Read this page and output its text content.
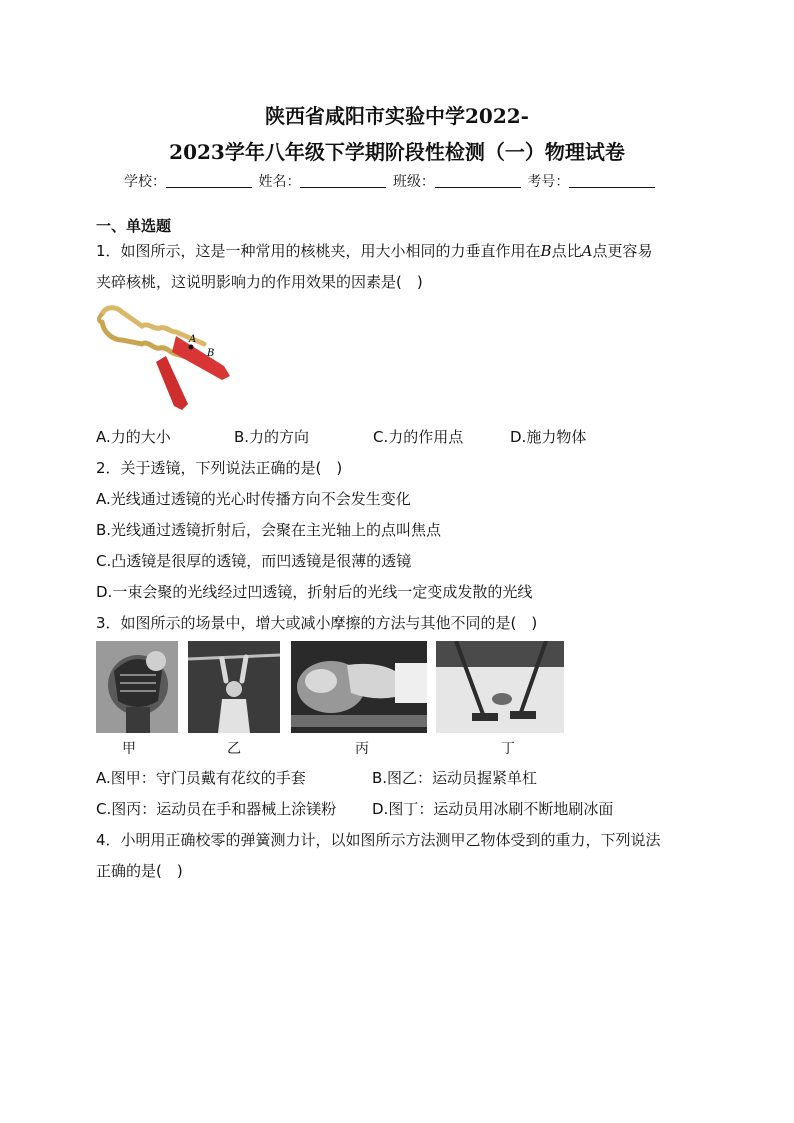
陕西省咸阳市实验中学2022-
2023学年八年级下学期阶段性检测（一）物理试卷
学校：	姓名：	班级：	考号：
一、单选题
1．如图所示，这是一种常用的核桃夹，用大小相同的力垂直作用在B点比A点更容易
夹碎核桃，这说明影响力的作用效果的因素是(　)
A
B
A.力的大小	B.力的方向	C.力的作用点	D.施力物体
2．关于透镜，下列说法正确的是(　)
A.光线通过透镜的光心时传播方向不会发生变化
B.光线通过透镜折射后，会聚在主光轴上的点叫焦点
C.凸透镜是很厚的透镜，而凹透镜是很薄的透镜
D.一束会聚的光线经过凹透镜，折射后的光线一定变成发散的光线
3．如图所示的场景中，增大或减小摩擦的方法与其他不同的是(　)
甲	乙	丙	丁
A.图甲：守门员戴有花纹的手套	B.图乙：运动员握紧单杠
C.图丙：运动员在手和器械上涂镁粉 D.图丁：运动员用冰刷不断地刷冰面
4．小明用正确校零的弹簧测力计，以如图所示方法测甲乙物体受到的重力，下列说法
正确的是(　)
